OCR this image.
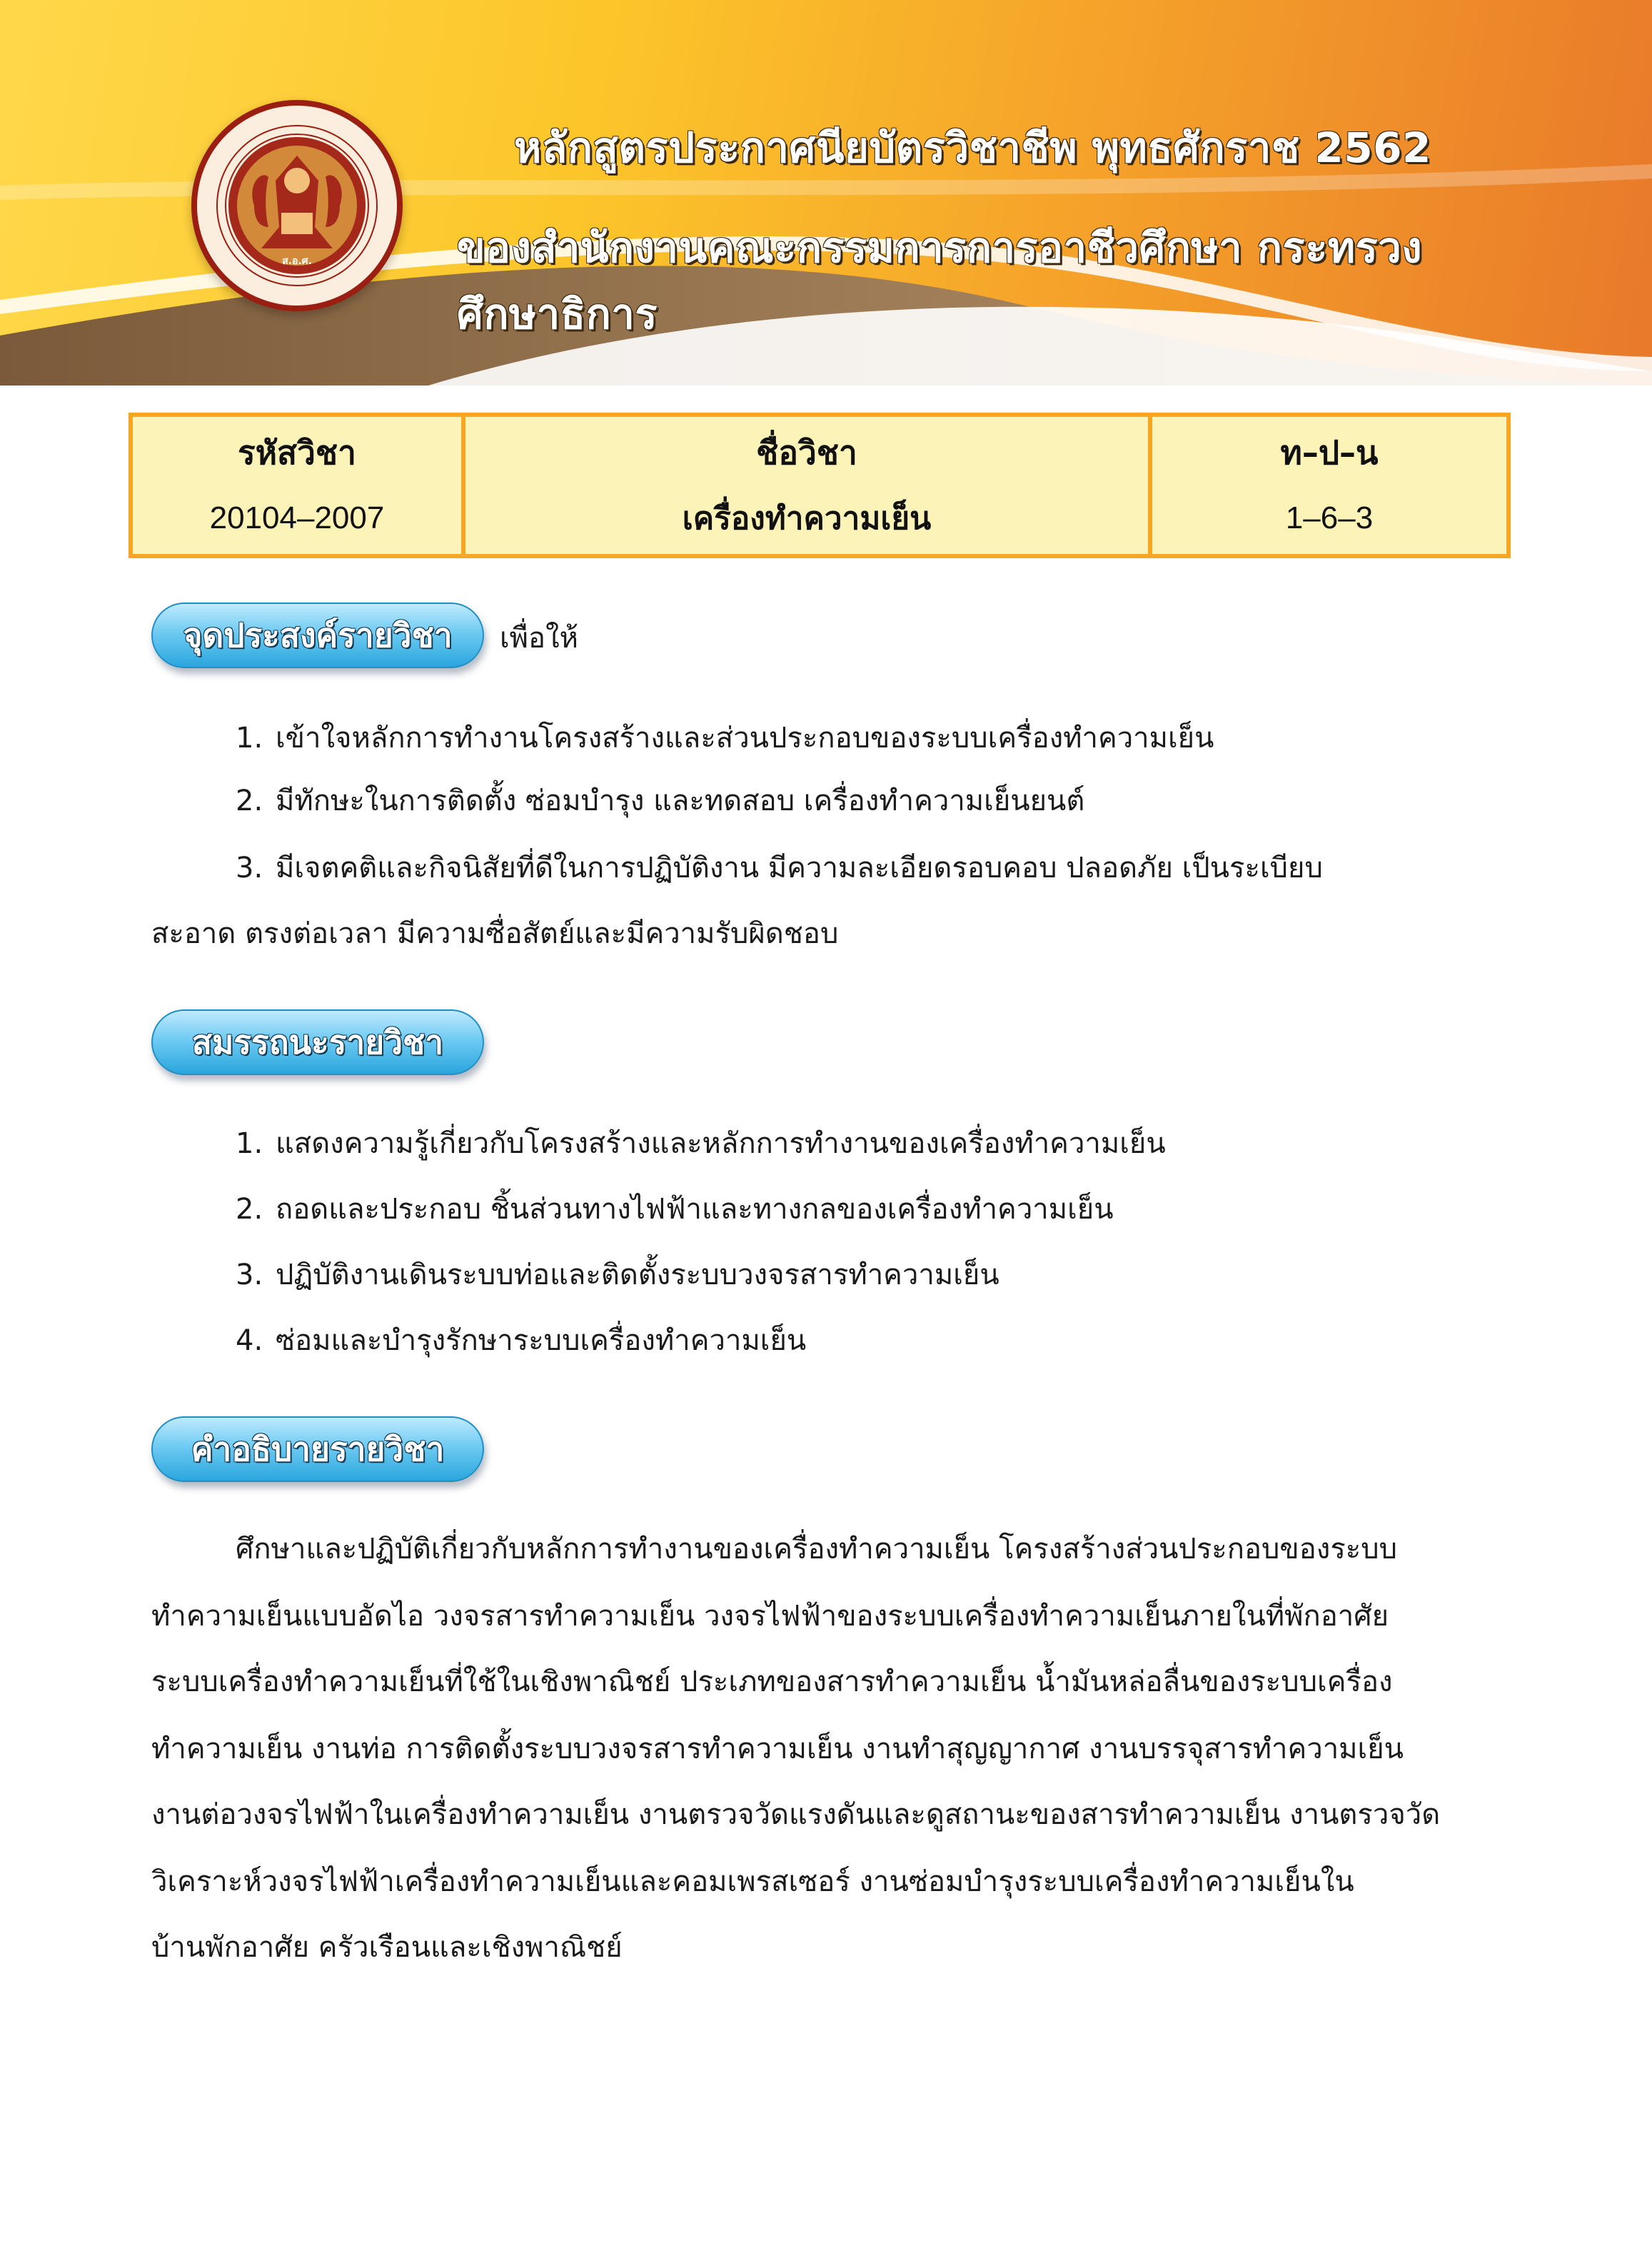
ส.อ.ศ.
หลักสูตรประกาศนียบัตรวิชาชีพ พุทธศักราช 2562
ของสำนักงานคณะกรรมการการอาชีวศึกษา กระทรวงศึกษาธิการ
รหัสวิชา
20104–2007
ชื่อวิชา
เครื่องทำความเย็น
ท–ป–น
1–6–3
จุดประสงค์รายวิชา เพื่อให้
1. เข้าใจหลักการทำงานโครงสร้างและส่วนประกอบของระบบเครื่องทำความเย็น
2. มีทักษะในการติดตั้ง ซ่อมบำรุง และทดสอบ เครื่องทำความเย็นยนต์
3. มีเจตคติและกิจนิสัยที่ดีในการปฏิบัติงาน มีความละเอียดรอบคอบ ปลอดภัย เป็นระเบียบ
สะอาด ตรงต่อเวลา มีความซื่อสัตย์และมีความรับผิดชอบ
สมรรถนะรายวิชา
1. แสดงความรู้เกี่ยวกับโครงสร้างและหลักการทำงานของเครื่องทำความเย็น
2. ถอดและประกอบ ชิ้นส่วนทางไฟฟ้าและทางกลของเครื่องทำความเย็น
3. ปฏิบัติงานเดินระบบท่อและติดตั้งระบบวงจรสารทำความเย็น
4. ซ่อมและบำรุงรักษาระบบเครื่องทำความเย็น
คำอธิบายรายวิชา
ศึกษาและปฏิบัติเกี่ยวกับหลักการทำงานของเครื่องทำความเย็น โครงสร้างส่วนประกอบของระบบ
ทำความเย็นแบบอัดไอ วงจรสารทำความเย็น วงจรไฟฟ้าของระบบเครื่องทำความเย็นภายในที่พักอาศัย
ระบบเครื่องทำความเย็นที่ใช้ในเชิงพาณิชย์ ประเภทของสารทำความเย็น น้ำมันหล่อลื่นของระบบเครื่อง
ทำความเย็น งานท่อ การติดตั้งระบบวงจรสารทำความเย็น งานทำสุญญากาศ งานบรรจุสารทำความเย็น
งานต่อวงจรไฟฟ้าในเครื่องทำความเย็น งานตรวจวัดแรงดันและดูสถานะของสารทำความเย็น งานตรวจวัด
วิเคราะห์วงจรไฟฟ้าเครื่องทำความเย็นและคอมเพรสเซอร์ งานซ่อมบำรุงระบบเครื่องทำความเย็นใน
บ้านพักอาศัย ครัวเรือนและเชิงพาณิชย์
